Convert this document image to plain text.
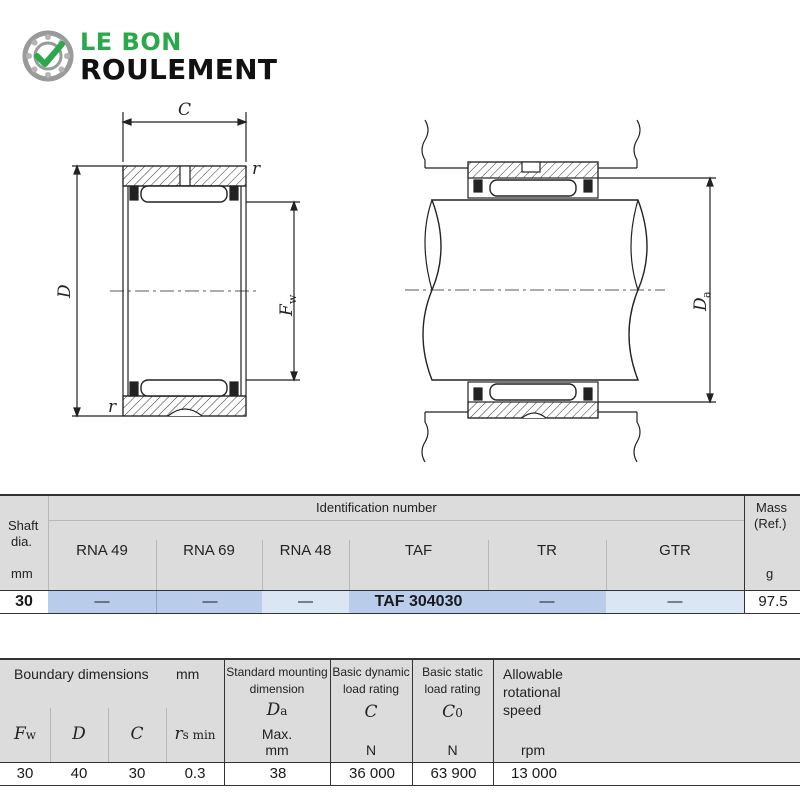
LE BON
ROULEMENT
C
r
r
D
F
w	D
a
Shaft
dia.
mm
Identification number
RNA 49	RNA 69	RNA 48	TAF	TR	GTR
Mass
(Ref.)
g
30	—	—	—	TAF 304030	—	—	97.5
Boundary dimensions mm Standard mounting
dimension
Da
Max.
mm
Basic dynamic
load rating
C
N
Basic static
load rating
C0
N
Allowable
rotational
speed
rpm
Fw	D	C	rs min
30	40	30	0.3	38	36 000	63 900	13 000
